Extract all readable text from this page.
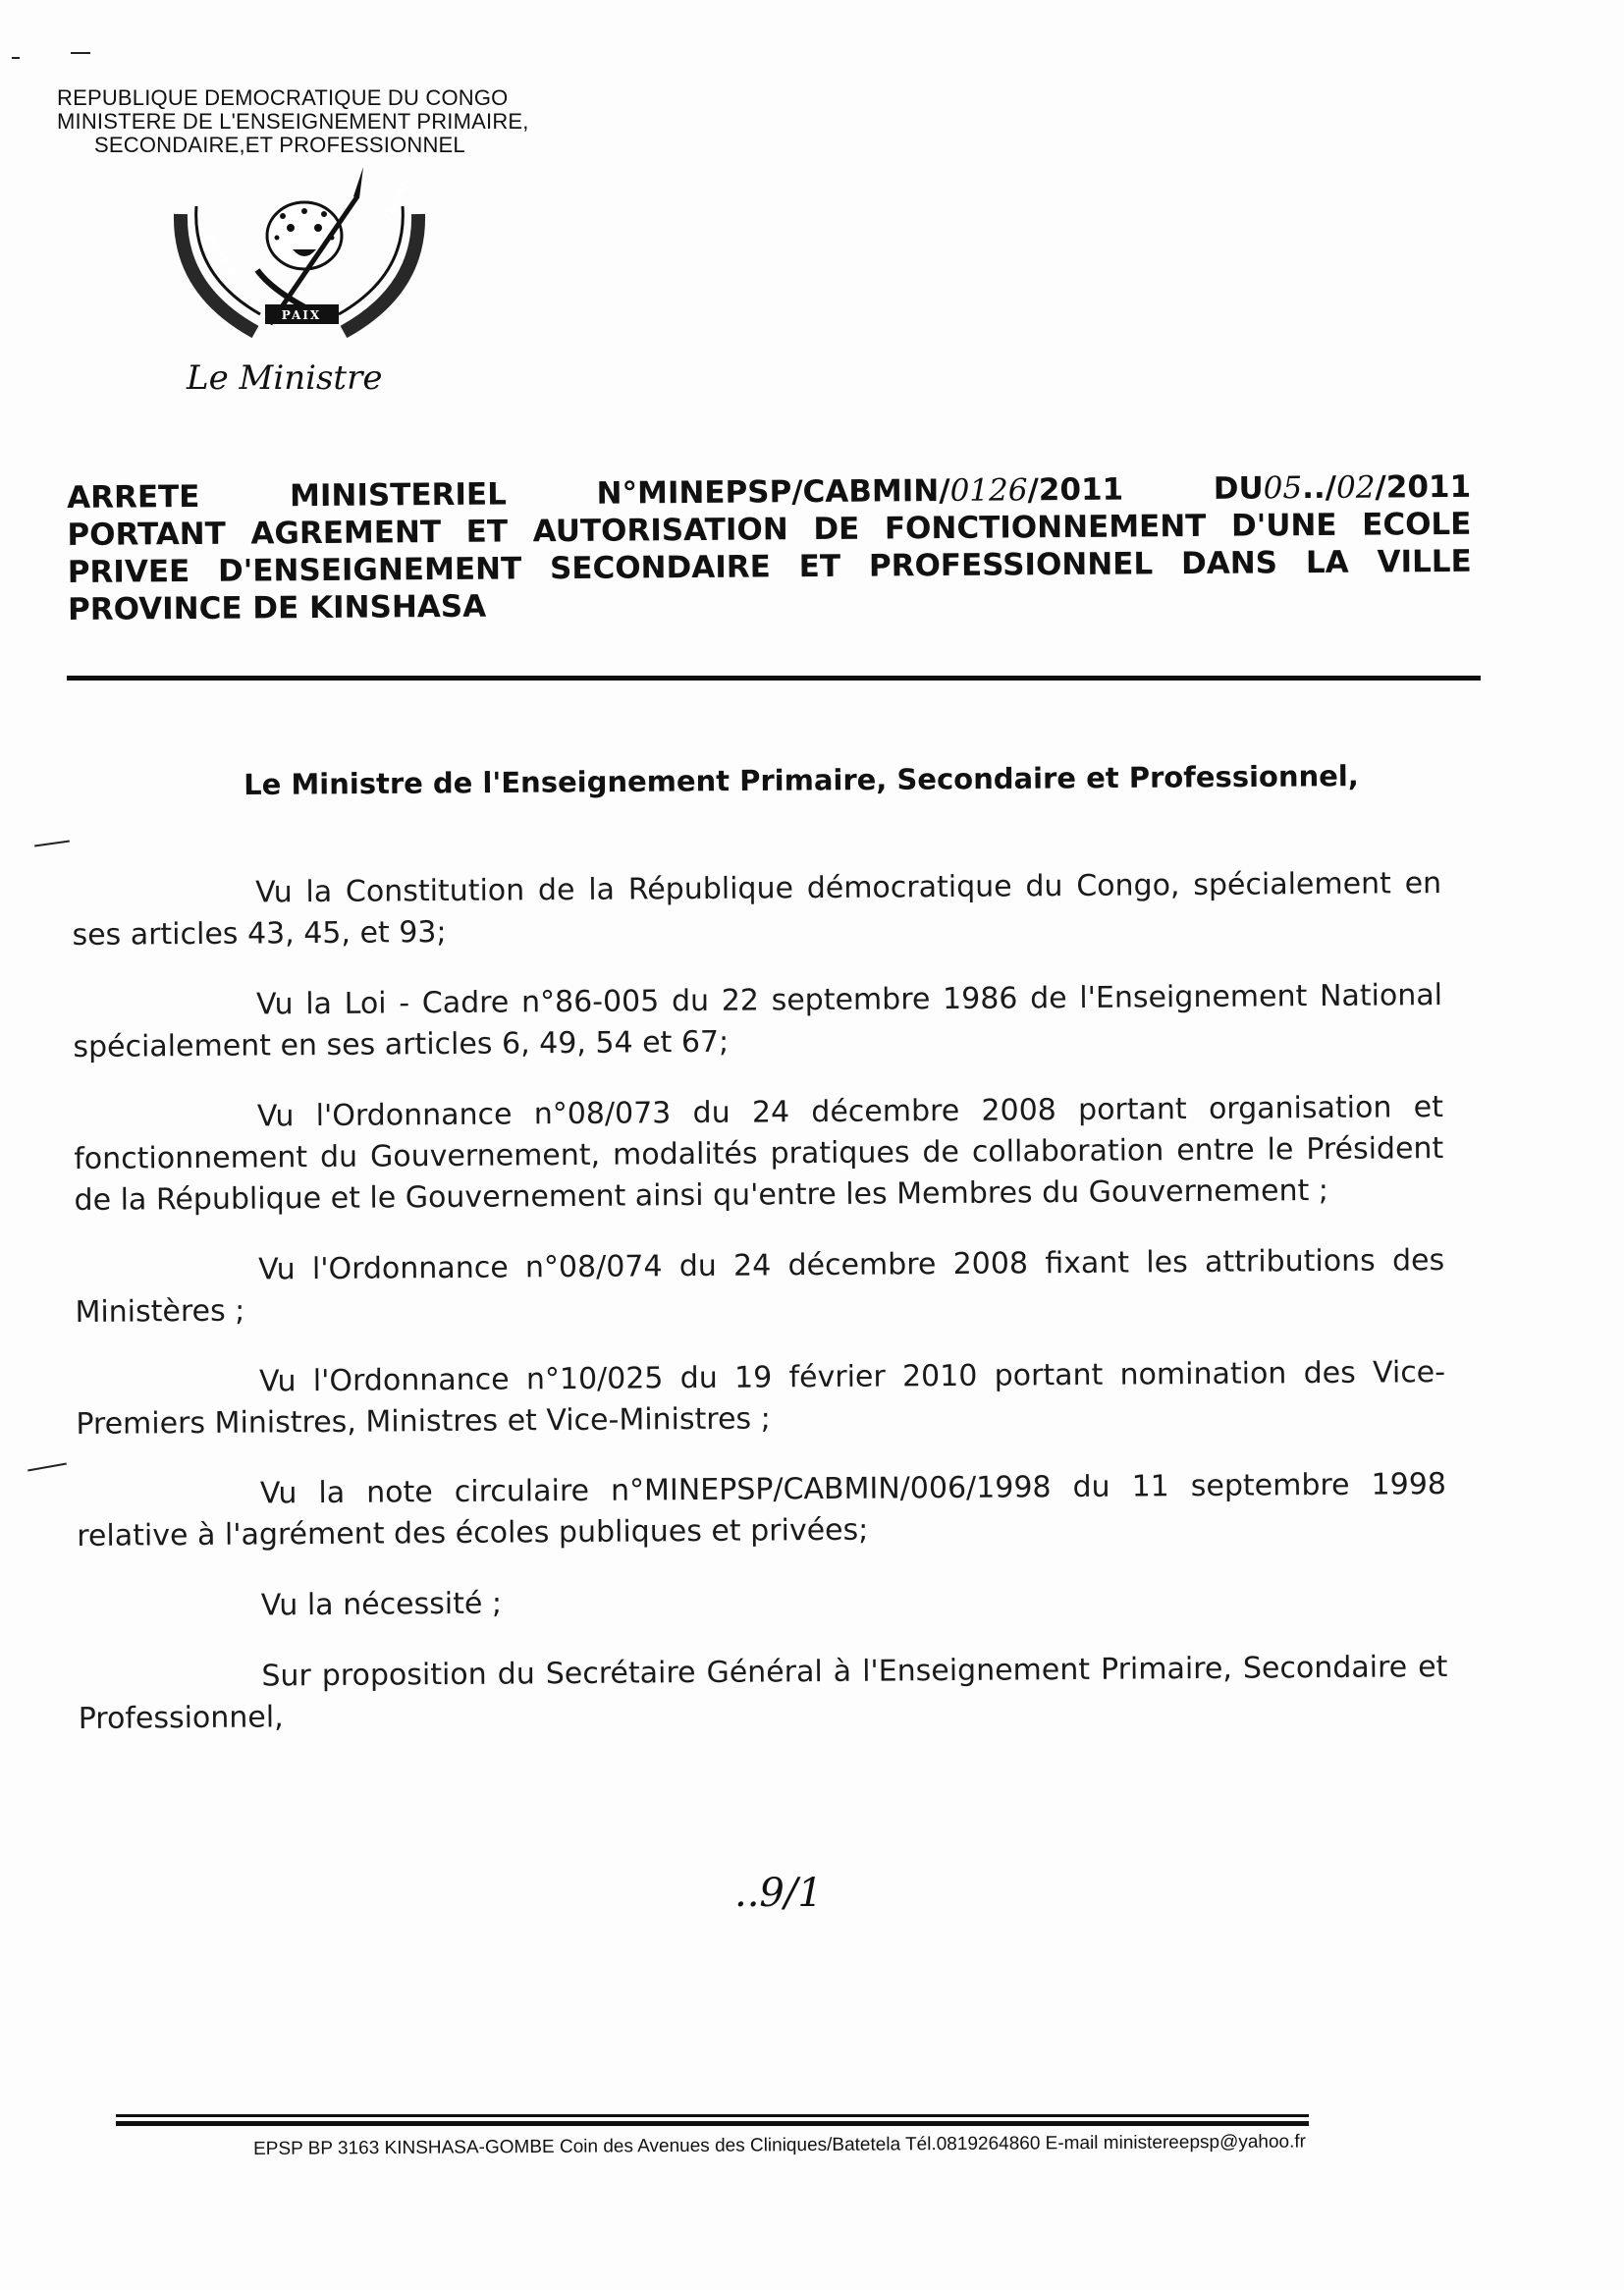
REPUBLIQUE DEMOCRATIQUE DU CONGO
MINISTERE DE L'ENSEIGNEMENT PRIMAIRE,
SECONDAIRE,ET PROFESSIONNEL
PAIX
JUSTICE
TRAVAIL
Le Ministre
ARRETE	MINISTERIEL	N°MINEPSP/CABMIN/0126/2011	DU05../02/2011
PORTANT AGREMENT ET AUTORISATION DE FONCTIONNEMENT D'UNE ECOLE
PRIVEE D'ENSEIGNEMENT SECONDAIRE ET PROFESSIONNEL DANS LA VILLE
PROVINCE DE KINSHASA
Le Ministre de l'Enseignement Primaire, Secondaire et Professionnel,

Vu la Constitution de la République démocratique du Congo, spécialement en ses articles 43, 45, et 93;

Vu la Loi - Cadre n°86-005 du 22 septembre 1986 de l'Enseignement National spécialement en ses articles 6, 49, 54 et 67;

Vu l'Ordonnance n°08/073 du 24 décembre 2008 portant organisation et fonctionnement du Gouvernement, modalités pratiques de collaboration entre le Président de la République et le Gouvernement ainsi qu'entre les Membres du Gouvernement ;

Vu l'Ordonnance n°08/074 du 24 décembre 2008 fixant les attributions des Ministères ;

Vu l'Ordonnance n°10/025 du 19 février 2010 portant nomination des Vice-Premiers Ministres, Ministres et Vice-Ministres ;

Vu la note circulaire n°MINEPSP/CABMIN/006/1998 du 11 septembre 1998 relative à l'agrément des écoles publiques et privées;

Vu la nécessité ;

Sur proposition du Secrétaire Général à l'Enseignement Primaire, Secondaire et Professionnel,

..9/1
EPSP BP 3163 KINSHASA-GOMBE Coin des Avenues des Cliniques/Batetela Tél.0819264860 E-mail ministereepsp@yahoo.fr
